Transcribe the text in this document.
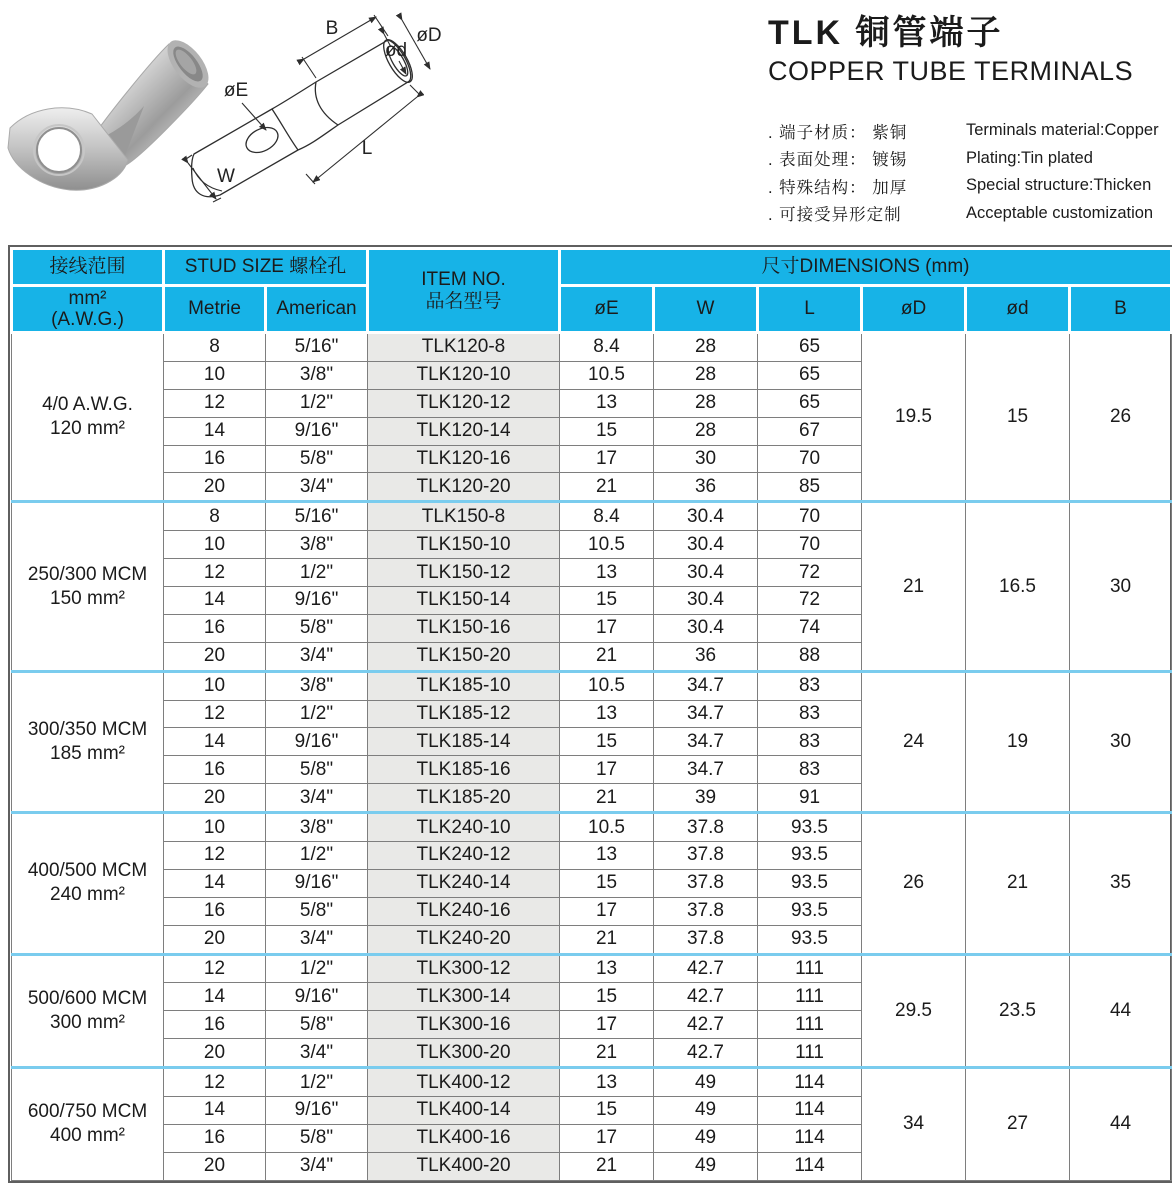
B	øD
ød
øE
L
W
TLK 铜管端子
COPPER TUBE TERMINALS
. 端子材质： 紫铜	Terminals material:Copper
. 表面处理： 镀锡	Plating:Tin plated
. 特殊结构： 加厚	Special structure:Thicken
. 可接受异形定制	Acceptable customization
接线范围	STUD SIZE 螺栓孔		ITEM NO.
品名型号	尺寸DIMENSIONS (mm)					

mm²
(A.W.G.)	Metrie	American		øE	W	L	øD	ød	B

4/0 A.W.G.
120 mm²	8	5/16"	TLK120-8	8.4	28	65	19.5	15	26
	10	3/8"	TLK120-10	10.5	28	65			
	12	1/2"	TLK120-12	13	28	65			
	14	9/16"	TLK120-14	15	28	67			
	16	5/8"	TLK120-16	17	30	70			
	20	3/4"	TLK120-20	21	36	85			

250/300 MCM
150 mm²	8	5/16"	TLK150-8	8.4	30.4	70	21	16.5	30
	10	3/8"	TLK150-10	10.5	30.4	70			
	12	1/2"	TLK150-12	13	30.4	72			
	14	9/16"	TLK150-14	15	30.4	72			
	16	5/8"	TLK150-16	17	30.4	74			
	20	3/4"	TLK150-20	21	36	88			

300/350 MCM
185 mm²	10	3/8"	TLK185-10	10.5	34.7	83	24	19	30
	12	1/2"	TLK185-12	13	34.7	83			
	14	9/16"	TLK185-14	15	34.7	83			
	16	5/8"	TLK185-16	17	34.7	83			
	20	3/4"	TLK185-20	21	39	91			

400/500 MCM
240 mm²	10	3/8"	TLK240-10	10.5	37.8	93.5	26	21	35
	12	1/2"	TLK240-12	13	37.8	93.5			
	14	9/16"	TLK240-14	15	37.8	93.5			
	16	5/8"	TLK240-16	17	37.8	93.5			
	20	3/4"	TLK240-20	21	37.8	93.5			

500/600 MCM
300 mm²	12	1/2"	TLK300-12	13	42.7	111	29.5	23.5	44
	14	9/16"	TLK300-14	15	42.7	111			
	16	5/8"	TLK300-16	17	42.7	111			
	20	3/4"	TLK300-20	21	42.7	111			

600/750 MCM
400 mm²	12	1/2"	TLK400-12	13	49	114	34	27	44
	14	9/16"	TLK400-14	15	49	114			
	16	5/8"	TLK400-16	17	49	114			
	20	3/4"	TLK400-20	21	49	114			
